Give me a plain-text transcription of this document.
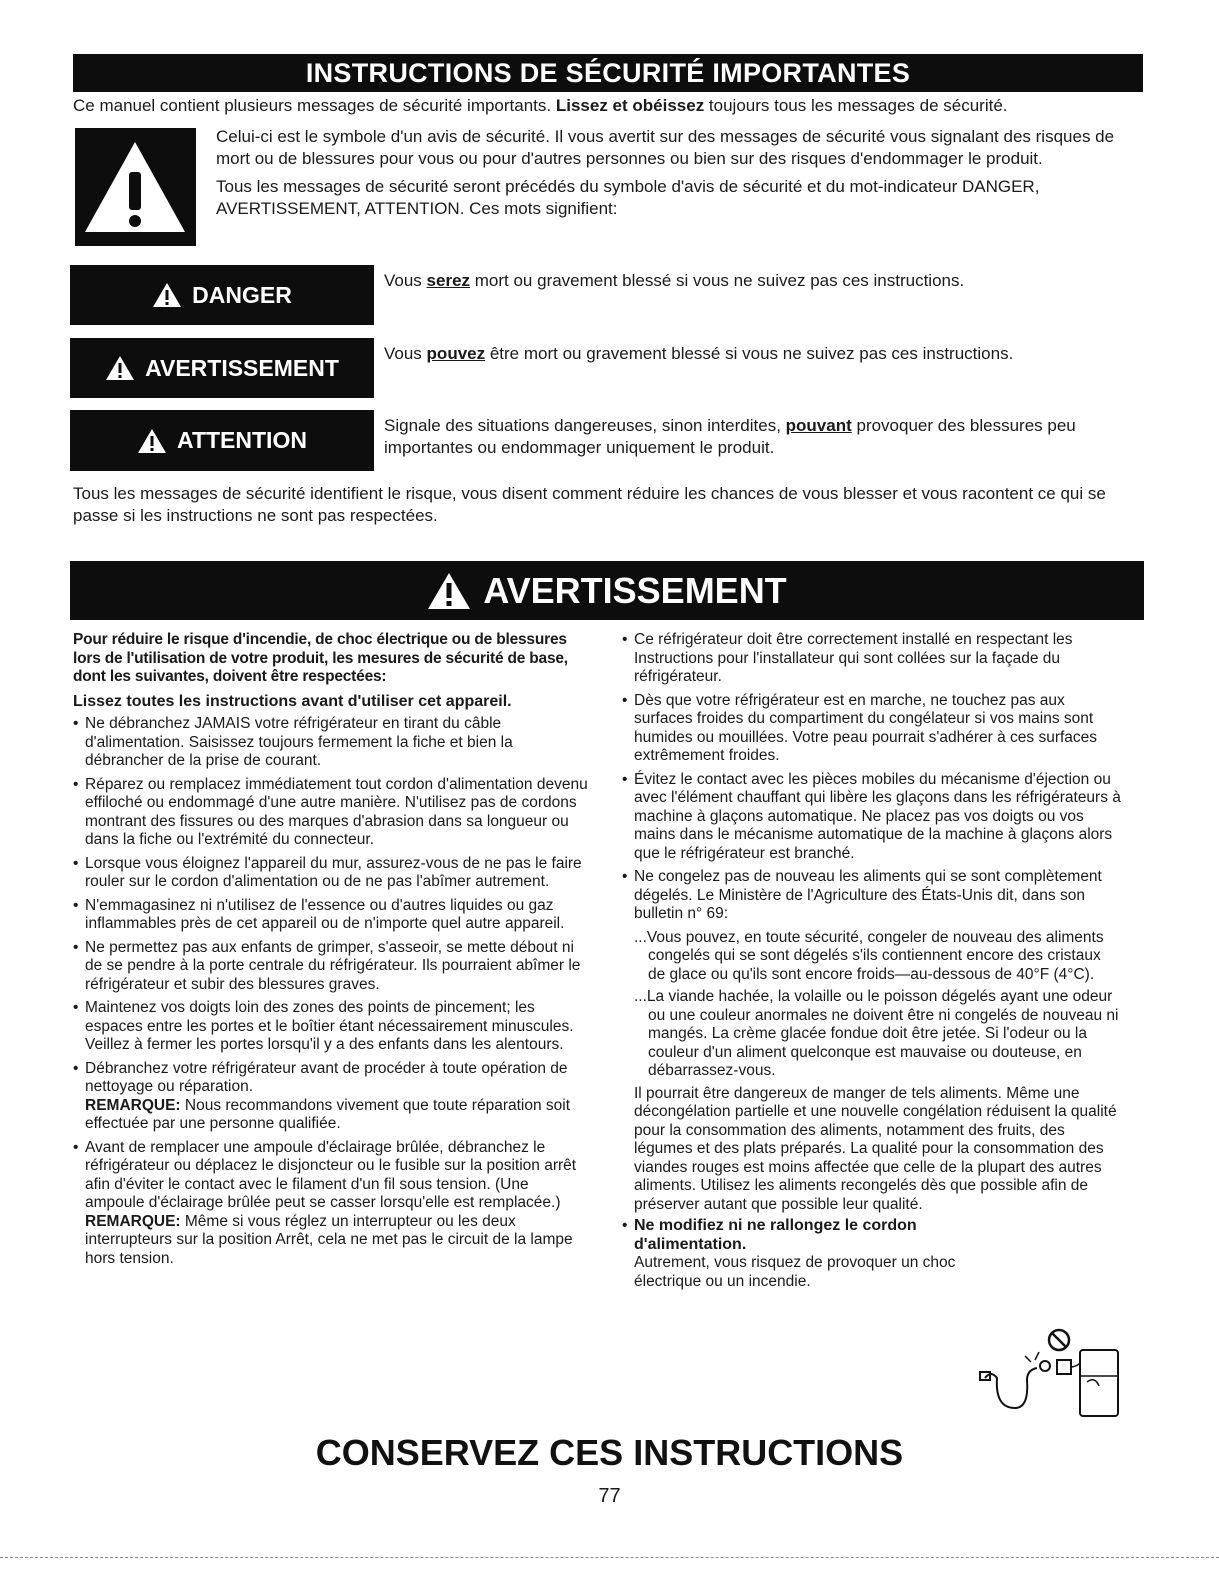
INSTRUCTIONS DE SÉCURITÉ IMPORTANTES
Ce manuel contient plusieurs messages de sécurité importants. Lissez et obéissez toujours tous les messages de sécurité.

Celui-ci est le symbole d'un avis de sécurité. Il vous avertit sur des messages de sécurité vous signalant des risques de mort ou de blessures pour vous ou pour d'autres personnes ou bien sur des risques d'endommager le produit.

Tous les messages de sécurité seront précédés du symbole d'avis de sécurité et du mot-indicateur DANGER, AVERTISSEMENT, ATTENTION. Ces mots signifient:

DANGER
Vous serez mort ou gravement blessé si vous ne suivez pas ces instructions.
AVERTISSEMENT
Vous pouvez être mort ou gravement blessé si vous ne suivez pas ces instructions.
ATTENTION
Signale des situations dangereuses, sinon interdites, pouvant provoquer des blessures peu importantes ou endommager uniquement le produit.
Tous les messages de sécurité identifient le risque, vous disent comment réduire les chances de vous blesser et vous racontent ce qui se passe si les instructions ne sont pas respectées.
AVERTISSEMENT

Pour réduire le risque d'incendie, de choc électrique ou de blessures lors de l'utilisation de votre produit, les mesures de sécurité de base, dont les suivantes, doivent être respectées:

Lissez toutes les instructions avant d'utiliser cet appareil.

• Ne débranchez JAMAIS votre réfrigérateur en tirant du câble d'alimentation. Saisissez toujours fermement la fiche et bien la débrancher de la prise de courant.
• Réparez ou remplacez immédiatement tout cordon d'alimentation devenu effiloché ou endommagé d'une autre manière. N'utilisez pas de cordons montrant des fissures ou des marques d'abrasion dans sa longueur ou dans la fiche ou l'extrémité du connecteur.
• Lorsque vous éloignez l'appareil du mur, assurez-vous de ne pas le faire rouler sur le cordon d'alimentation ou de ne pas l'abîmer autrement.
• N'emmagasinez ni n'utilisez de l'essence ou d'autres liquides ou gaz inflammables près de cet appareil ou de n'importe quel autre appareil.
• Ne permettez pas aux enfants de grimper, s'asseoir, se mette débout ni de se pendre à la porte centrale du réfrigérateur. Ils pourraient abîmer le réfrigérateur et subir des blessures graves.
• Maintenez vos doigts loin des zones des points de pincement; les espaces entre les portes et le boîtier étant nécessairement minuscules. Veillez à fermer les portes lorsqu'il y a des enfants dans les alentours.
• Débranchez votre réfrigérateur avant de procéder à toute opération de nettoyage ou réparation.
REMARQUE: Nous recommandons vivement que toute réparation soit effectuée par une personne qualifiée.
• Avant de remplacer une ampoule d'éclairage brûlée, débranchez le réfrigérateur ou déplacez le disjoncteur ou le fusible sur la position arrêt afin d'éviter le contact avec le filament d'un fil sous tension. (Une ampoule d'éclairage brûlée peut se casser lorsqu'elle est remplacée.)
REMARQUE: Même si vous réglez un interrupteur ou les deux interrupteurs sur la position Arrêt, cela ne met pas le circuit de la lampe hors tension.
• Ce réfrigérateur doit être correctement installé en respectant les Instructions pour l'installateur qui sont collées sur la façade du réfrigérateur.
• Dès que votre réfrigérateur est en marche, ne touchez pas aux surfaces froides du compartiment du congélateur si vos mains sont humides ou mouillées. Votre peau pourrait s'adhérer à ces surfaces extrêmement froides.
• Évitez le contact avec les pièces mobiles du mécanisme d'éjection ou avec l'élément chauffant qui libère les glaçons dans les réfrigérateurs à machine à glaçons automatique. Ne placez pas vos doigts ou vos mains dans le mécanisme automatique de la machine à glaçons alors que le réfrigérateur est branché.
• Ne congelez pas de nouveau les aliments qui se sont complètement dégelés. Le Ministère de l'Agriculture des États-Unis dit, dans son bulletin n° 69:
...Vous pouvez, en toute sécurité, congeler de nouveau des aliments congelés qui se sont dégelés s'ils contiennent encore des cristaux de glace ou qu'ils sont encore froids—au-dessous de 40°F (4°C).
...La viande hachée, la volaille ou le poisson dégelés ayant une odeur ou une couleur anormales ne doivent être ni congelés de nouveau ni mangés. La crème glacée fondue doit être jetée. Si l'odeur ou la couleur d'un aliment quelconque est mauvaise ou douteuse, en débarrassez-vous.
Il pourrait être dangereux de manger de tels aliments. Même une décongélation partielle et une nouvelle congélation réduisent la qualité pour la consommation des aliments, notamment des fruits, des légumes et des plats préparés. La qualité pour la consommation des viandes rouges est moins affectée que celle de la plupart des autres aliments. Utilisez les aliments recongelés dès que possible afin de préserver autant que possible leur qualité.
• Ne modifiez ni ne rallongez le cordon d'alimentation.
Autrement, vous risquez de provoquer un choc électrique ou un incendie.
CONSERVEZ CES INSTRUCTIONS
77
